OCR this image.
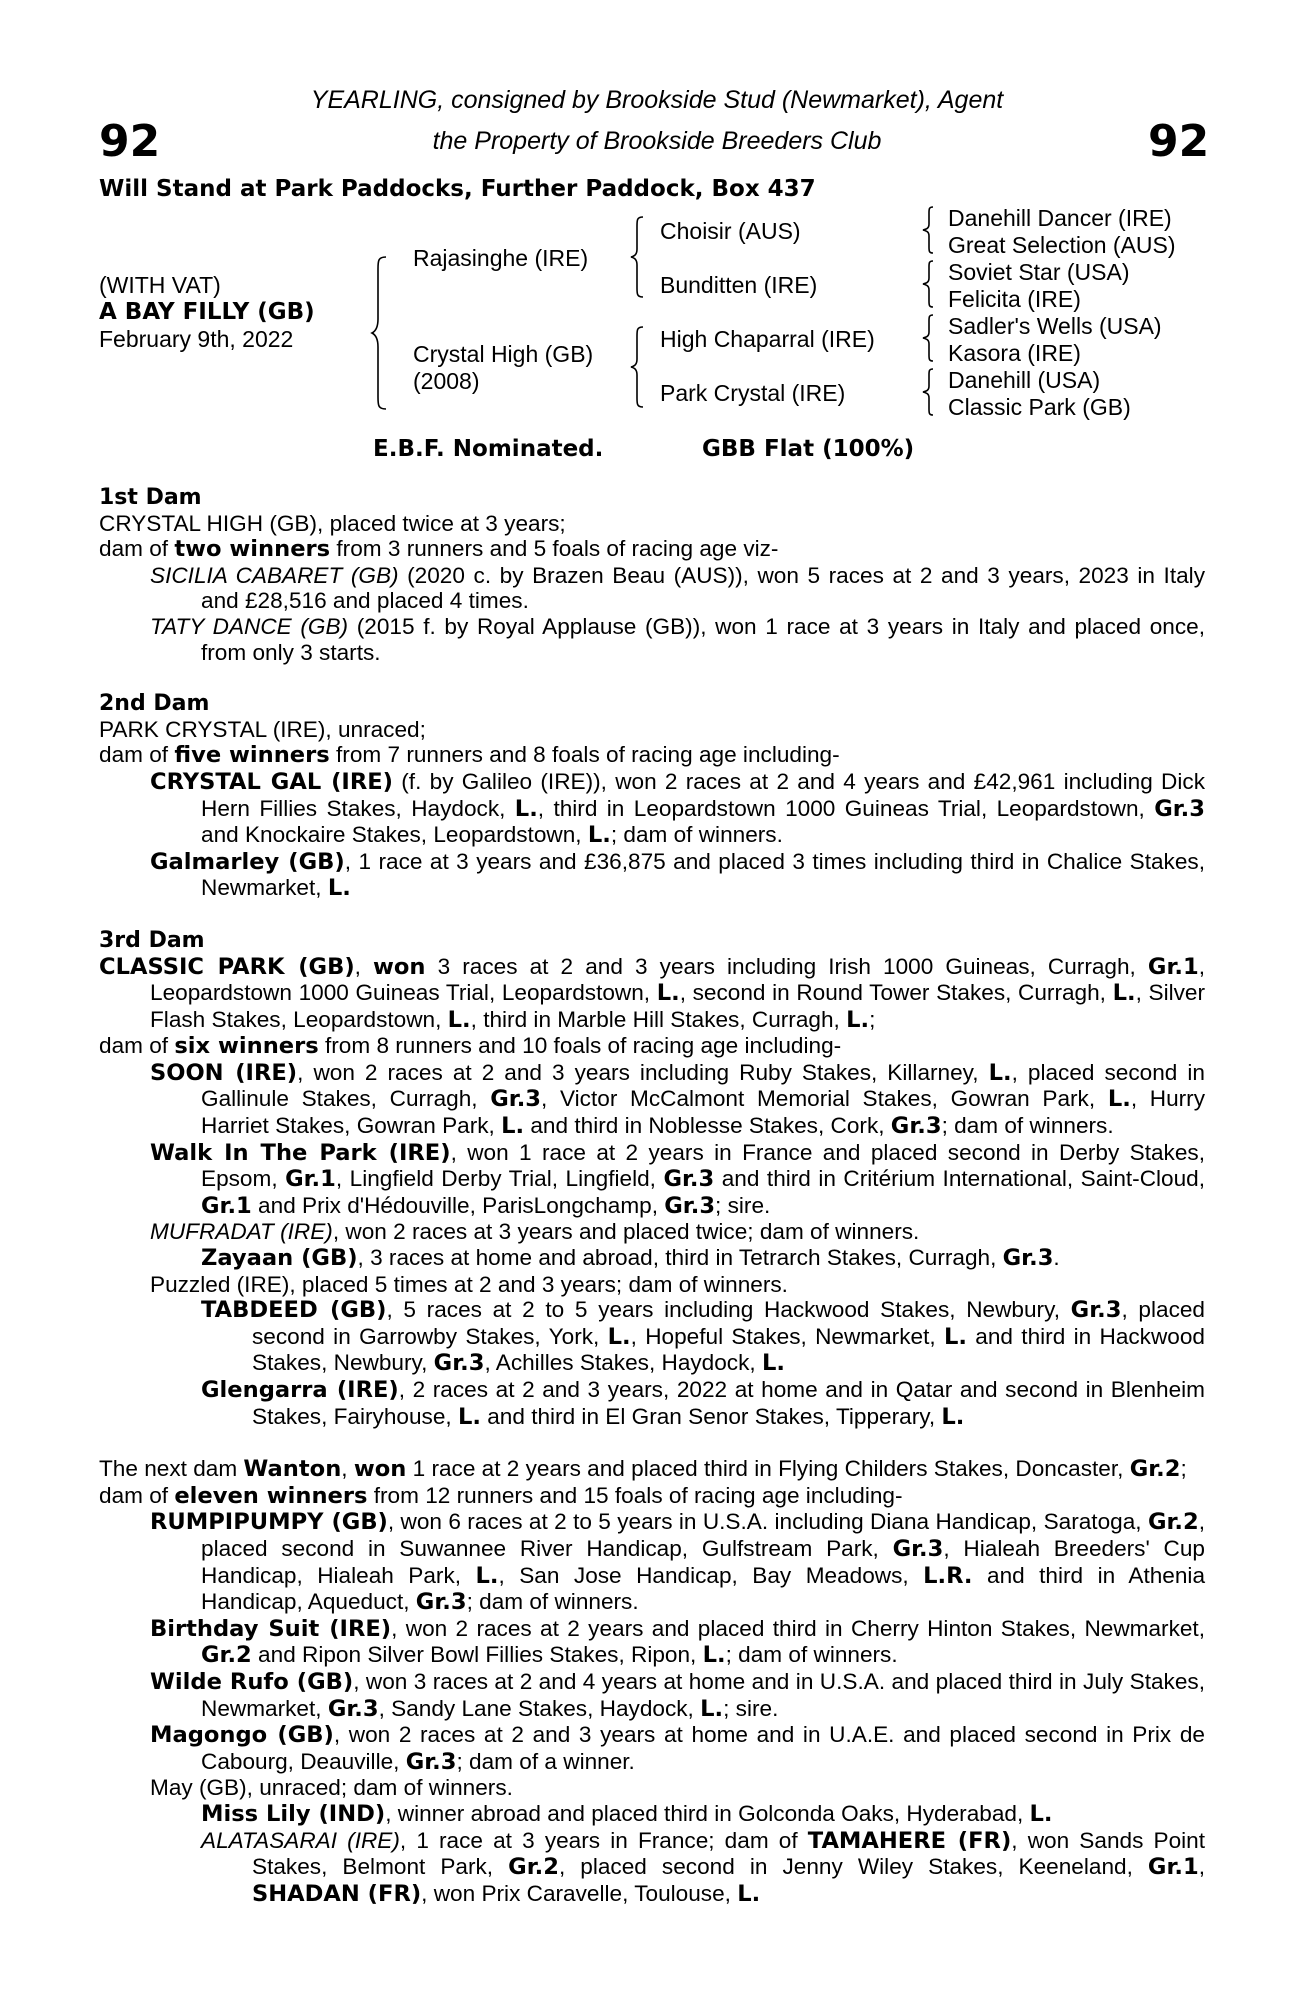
92	92
YEARLING, consigned by Brookside Stud (Newmarket), Agent
the Property of Brookside Breeders Club
Will Stand at Park Paddocks, Further Paddock, Box 437
(WITH VAT)
A BAY FILLY (GB)
February 9th, 2022
Rajasinghe (IRE)
Crystal High (GB)
(2008)
Choisir (AUS)
Bunditten (IRE)
High Chaparral (IRE)
Park Crystal (IRE)
Danehill Dancer (IRE)
Great Selection (AUS)
Soviet Star (USA)
Felicita (IRE)
Sadler's Wells (USA)
Kasora (IRE)
Danehill (USA)
Classic Park (GB)
E.B.F. Nominated.	GBB Flat (100%)
1st Dam

CRYSTAL HIGH (GB), placed twice at 3 years;

dam of two winners from 3 runners and 5 foals of racing age viz-

SICILIA CABARET (GB) (2020 c. by Brazen Beau (AUS)), won 5 races at 2 and 3 years, 2023 in Italy and £28,516 and placed 4 times.

TATY DANCE (GB) (2015 f. by Royal Applause (GB)), won 1 race at 3 years in Italy and placed once, from only 3 starts.

2nd Dam

PARK CRYSTAL (IRE), unraced;

dam of five winners from 7 runners and 8 foals of racing age including-

CRYSTAL GAL (IRE) (f. by Galileo (IRE)), won 2 races at 2 and 4 years and £42,961 including Dick Hern Fillies Stakes, Haydock, L., third in Leopardstown 1000 Guineas Trial, Leopardstown, Gr.3 and Knockaire Stakes, Leopardstown, L.; dam of winners.

Galmarley (GB), 1 race at 3 years and £36,875 and placed 3 times including third in Chalice Stakes, Newmarket, L.

3rd Dam

CLASSIC PARK (GB), won 3 races at 2 and 3 years including Irish 1000 Guineas, Curragh, Gr.1, Leopardstown 1000 Guineas Trial, Leopardstown, L., second in Round Tower Stakes, Curragh, L., Silver Flash Stakes, Leopardstown, L., third in Marble Hill Stakes, Curragh, L.;

dam of six winners from 8 runners and 10 foals of racing age including-

SOON (IRE), won 2 races at 2 and 3 years including Ruby Stakes, Killarney, L., placed second in Gallinule Stakes, Curragh, Gr.3, Victor McCalmont Memorial Stakes, Gowran Park, L., Hurry Harriet Stakes, Gowran Park, L. and third in Noblesse Stakes, Cork, Gr.3; dam of winners.

Walk In The Park (IRE), won 1 race at 2 years in France and placed second in Derby Stakes, Epsom, Gr.1, Lingfield Derby Trial, Lingfield, Gr.3 and third in Critérium International, Saint-Cloud, Gr.1 and Prix d'Hédouville, ParisLongchamp, Gr.3; sire.

MUFRADAT (IRE), won 2 races at 3 years and placed twice; dam of winners.

Zayaan (GB), 3 races at home and abroad, third in Tetrarch Stakes, Curragh, Gr.3.

Puzzled (IRE), placed 5 times at 2 and 3 years; dam of winners.

TABDEED (GB), 5 races at 2 to 5 years including Hackwood Stakes, Newbury, Gr.3, placed second in Garrowby Stakes, York, L., Hopeful Stakes, Newmarket, L. and third in Hackwood Stakes, Newbury, Gr.3, Achilles Stakes, Haydock, L.

Glengarra (IRE), 2 races at 2 and 3 years, 2022 at home and in Qatar and second in Blenheim Stakes, Fairyhouse, L. and third in El Gran Senor Stakes, Tipperary, L.

The next dam Wanton, won 1 race at 2 years and placed third in Flying Childers Stakes, Doncaster, Gr.2;

dam of eleven winners from 12 runners and 15 foals of racing age including-

RUMPIPUMPY (GB), won 6 races at 2 to 5 years in U.S.A. including Diana Handicap, Saratoga, Gr.2, placed second in Suwannee River Handicap, Gulfstream Park, Gr.3, Hialeah Breeders' Cup Handicap, Hialeah Park, L., San Jose Handicap, Bay Meadows, L.R. and third in Athenia Handicap, Aqueduct, Gr.3; dam of winners.

Birthday Suit (IRE), won 2 races at 2 years and placed third in Cherry Hinton Stakes, Newmarket, Gr.2 and Ripon Silver Bowl Fillies Stakes, Ripon, L.; dam of winners.

Wilde Rufo (GB), won 3 races at 2 and 4 years at home and in U.S.A. and placed third in July Stakes, Newmarket, Gr.3, Sandy Lane Stakes, Haydock, L.; sire.

Magongo (GB), won 2 races at 2 and 3 years at home and in U.A.E. and placed second in Prix de Cabourg, Deauville, Gr.3; dam of a winner.

May (GB), unraced; dam of winners.

Miss Lily (IND), winner abroad and placed third in Golconda Oaks, Hyderabad, L.

ALATASARAI (IRE), 1 race at 3 years in France; dam of TAMAHERE (FR), won Sands Point Stakes, Belmont Park, Gr.2, placed second in Jenny Wiley Stakes, Keeneland, Gr.1, SHADAN (FR), won Prix Caravelle, Toulouse, L.
